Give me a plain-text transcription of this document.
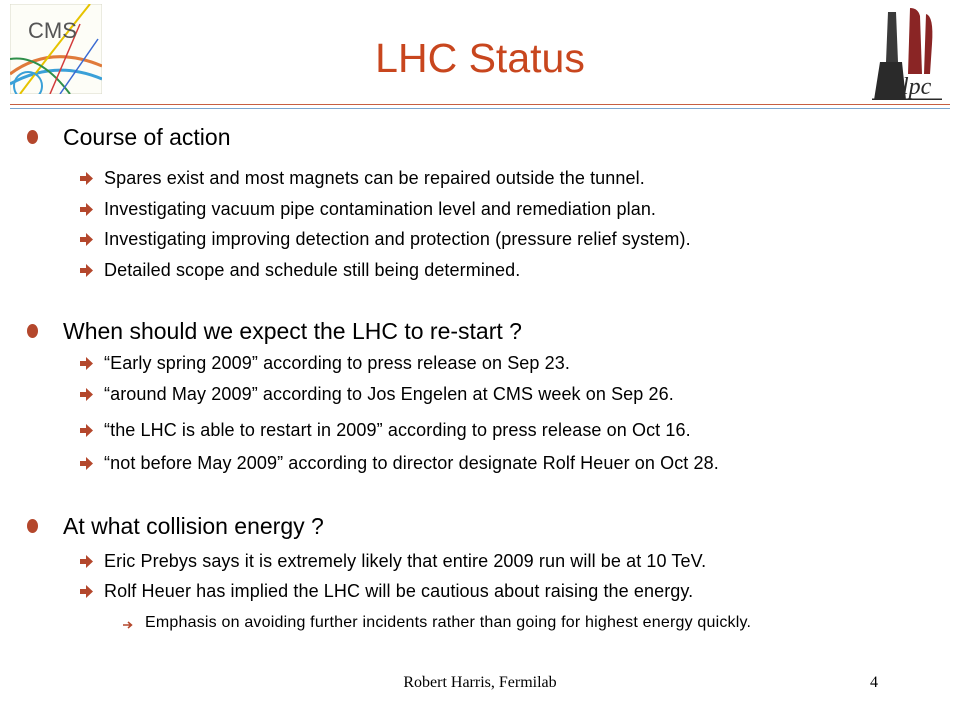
CMS
lpc
LHC Status
Course of action
Spares exist and most magnets can be repaired outside the tunnel.
Investigating vacuum pipe contamination level and remediation plan.
Investigating improving detection and protection (pressure relief system).
Detailed scope and schedule still being determined.
When should we expect the LHC to re-start ?
“Early spring 2009” according to press release on Sep 23.
“around May 2009” according to Jos Engelen at CMS week on Sep 26.
“the LHC is able to restart in 2009” according to press release on Oct 16.
“not before May 2009” according to director designate Rolf Heuer on Oct 28.
At what collision energy ?
Eric Prebys says it is extremely likely that entire 2009 run will be at 10 TeV.
Rolf Heuer has implied the LHC will be cautious about raising the energy.
Emphasis on avoiding further incidents rather than going for highest energy quickly.
Robert Harris, Fermilab	4
